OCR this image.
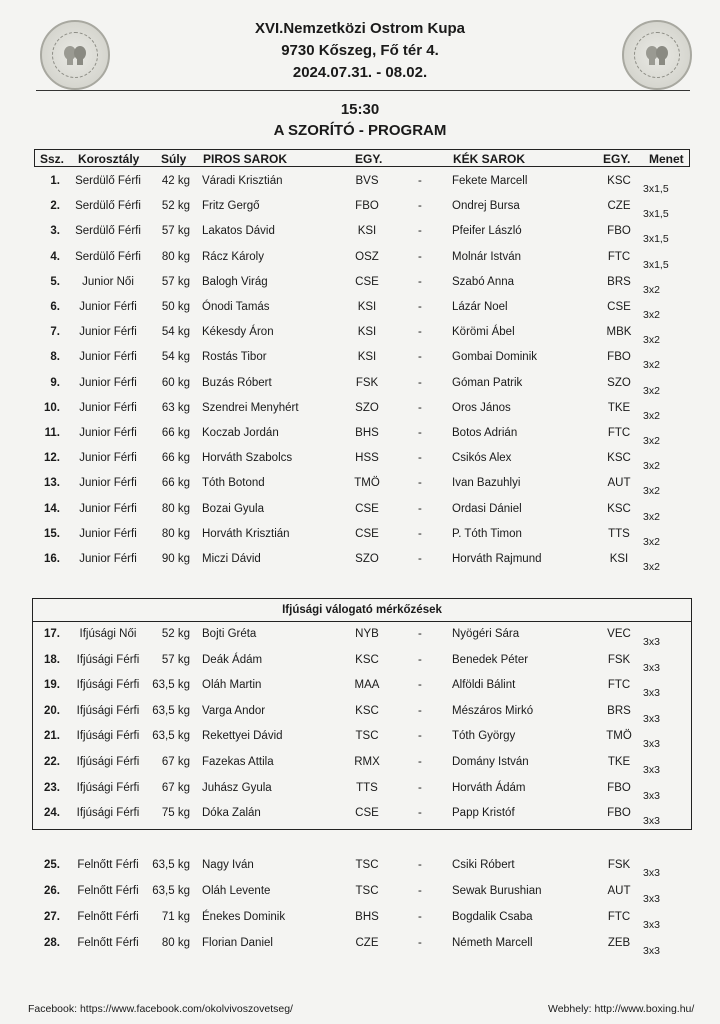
XVI.Nemzetközi Ostrom Kupa
9730 Kőszeg, Fő tér 4.
2024.07.31. - 08.02.
15:30
A SZORÍTÓ - PROGRAM
Ssz. Korosztály Súly PIROS SAROK	EGY.	KÉK SAROK	EGY. Menet
1.	Serdülő Férfi	42 kg Váradi Krisztián	BVS	-	Fekete Marcell	KSC
3x1,5
2.	Serdülő Férfi	52 kg Fritz Gergő	FBO	-	Ondrej Bursa	CZE
3x1,5
3.	Serdülő Férfi	57 kg Lakatos Dávid	KSI	-	Pfeifer László	FBO
3x1,5
4.	Serdülő Férfi	80 kg Rácz Károly	OSZ	-	Molnár István	FTC
3x1,5
5.	Junior Női	57 kg Balogh Virág	CSE	-	Szabó Anna	BRS
3x2
6.	Junior Férfi	50 kg Ónodi Tamás	KSI	-	Lázár Noel	CSE
3x2
7.	Junior Férfi	54 kg Kékesdy Áron	KSI	-	Körömi Ábel	MBK
3x2
8.	Junior Férfi	54 kg Rostás Tibor	KSI	-	Gombai Dominik	FBO
3x2
9.	Junior Férfi	60 kg Buzás Róbert	FSK	-	Góman Patrik	SZO
3x2
10.	Junior Férfi	63 kg Szendrei Menyhért	SZO	-	Oros János	TKE
3x2
11.	Junior Férfi	66 kg Koczab Jordán	BHS	-	Botos Adrián	FTC
3x2
12.	Junior Férfi	66 kg Horváth Szabolcs	HSS	-	Csikós Alex	KSC
3x2
13.	Junior Férfi	66 kg Tóth Botond	TMÖ	-	Ivan Bazuhlyi	AUT
3x2
14.	Junior Férfi	80 kg Bozai Gyula	CSE	-	Ordasi Dániel	KSC
3x2
15.	Junior Férfi	80 kg Horváth Krisztián	CSE	-	P. Tóth Timon	TTS
3x2
16.	Junior Férfi	90 kg Miczi Dávid	SZO	-	Horváth Rajmund	KSI
3x2
Ifjúsági válogató mérkőzések
17.	Ifjúsági Női	52 kg Bojti Gréta	NYB	-	Nyögéri Sára	VEC
3x3
18.	Ifjúsági Férfi	57 kg Deák Ádám	KSC	-	Benedek Péter	FSK
3x3
19.	Ifjúsági Férfi	63,5 kg Oláh Martin	MAA	-	Alföldi Bálint	FTC
3x3
20.	Ifjúsági Férfi	63,5 kg Varga Andor	KSC	-	Mészáros Mirkó	BRS
3x3
21.	Ifjúsági Férfi	63,5 kg Rekettyei Dávid	TSC	-	Tóth György	TMÖ
3x3
22.	Ifjúsági Férfi	67 kg Fazekas Attila	RMX	-	Domány István	TKE
3x3
23.	Ifjúsági Férfi	67 kg Juhász Gyula	TTS	-	Horváth Ádám	FBO
3x3
24.	Ifjúsági Férfi	75 kg Dóka Zalán	CSE	-	Papp Kristóf	FBO
3x3
25.	Felnőtt Férfi	63,5 kg Nagy Iván	TSC	-	Csiki Róbert	FSK
3x3
26.	Felnőtt Férfi	63,5 kg Oláh Levente	TSC	-	Sewak Burushian	AUT
3x3
27.	Felnőtt Férfi	71 kg Énekes Dominik	BHS	-	Bogdalik Csaba	FTC
3x3
28.	Felnőtt Férfi	80 kg Florian Daniel	CZE	-	Németh Marcell	ZEB
3x3
Facebook: https://www.facebook.com/okolvivoszovetseg/	Webhely: http://www.boxing.hu/
